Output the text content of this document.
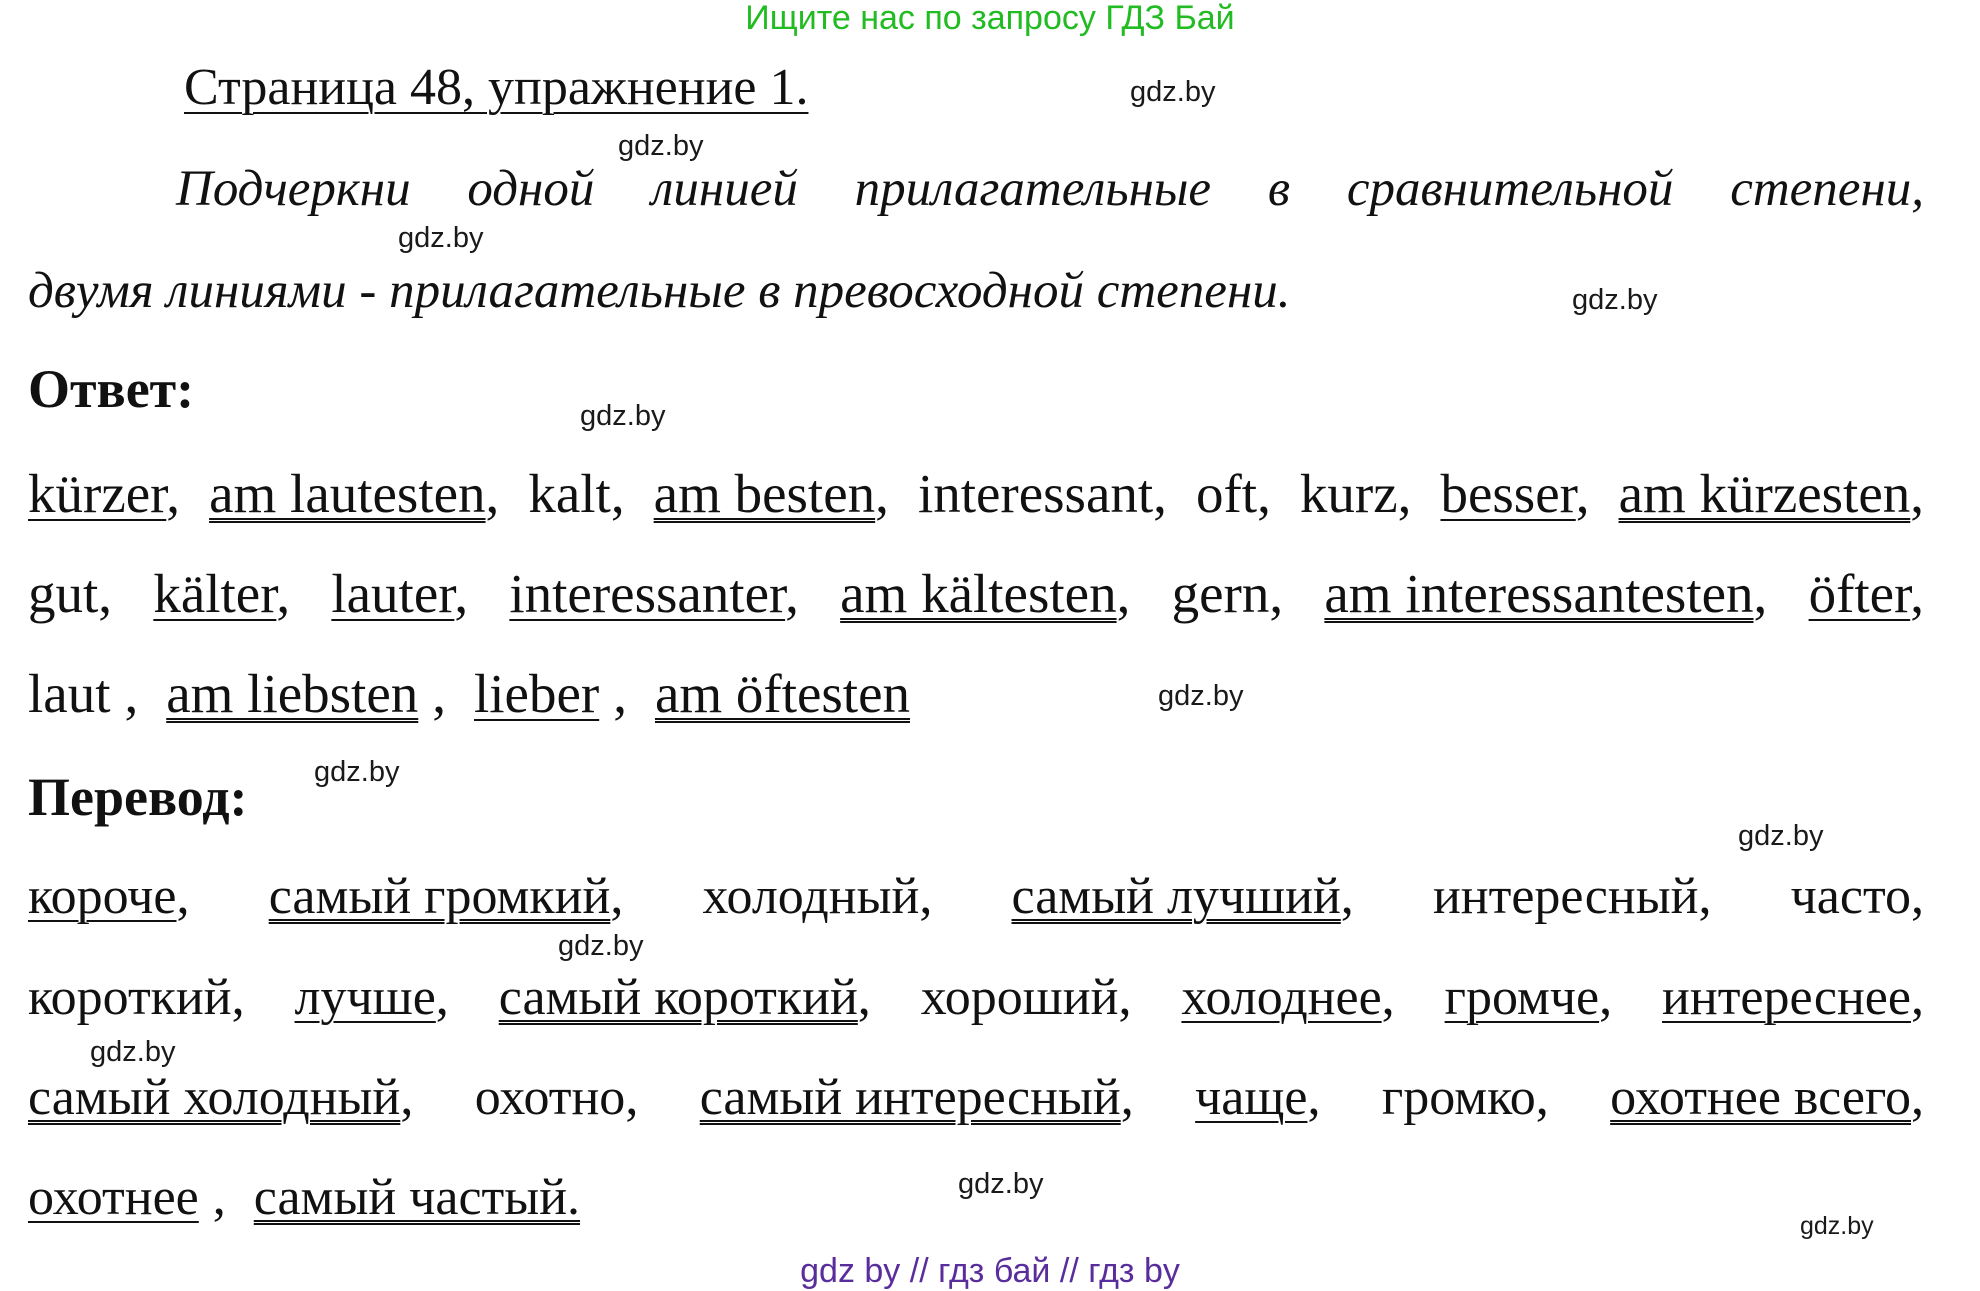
Ищите нас по запросу ГДЗ Бай
Страница 48, упражнение 1.
Подчеркни одной линией прилагательные в сравнительной степени,
двумя линиями - прилагательные в превосходной степени.
Ответ:
kürzer, am lautesten, kalt, am besten, interessant, oft, kurz, besser, am kürzesten,
gut, kälter, lauter, interessanter, am kältesten, gern, am interessantesten, öfter,
laut , am liebsten , lieber , am öftesten
Перевод:
короче, самый громкий, холодный, самый лучший, интересный, часто,
короткий, лучше, самый короткий, хороший, холоднее, громче, интереснее,
самый холодный, охотно, самый интересный, чаще, громко, охотнее всего,
охотнее , самый частый.
gdz.by
gdz.by
gdz.by
gdz.by
gdz.by
gdz.by
gdz.by
gdz.by
gdz.by
gdz.by
gdz.by
gdz.by
gdz by // гдз бай // гдз by
